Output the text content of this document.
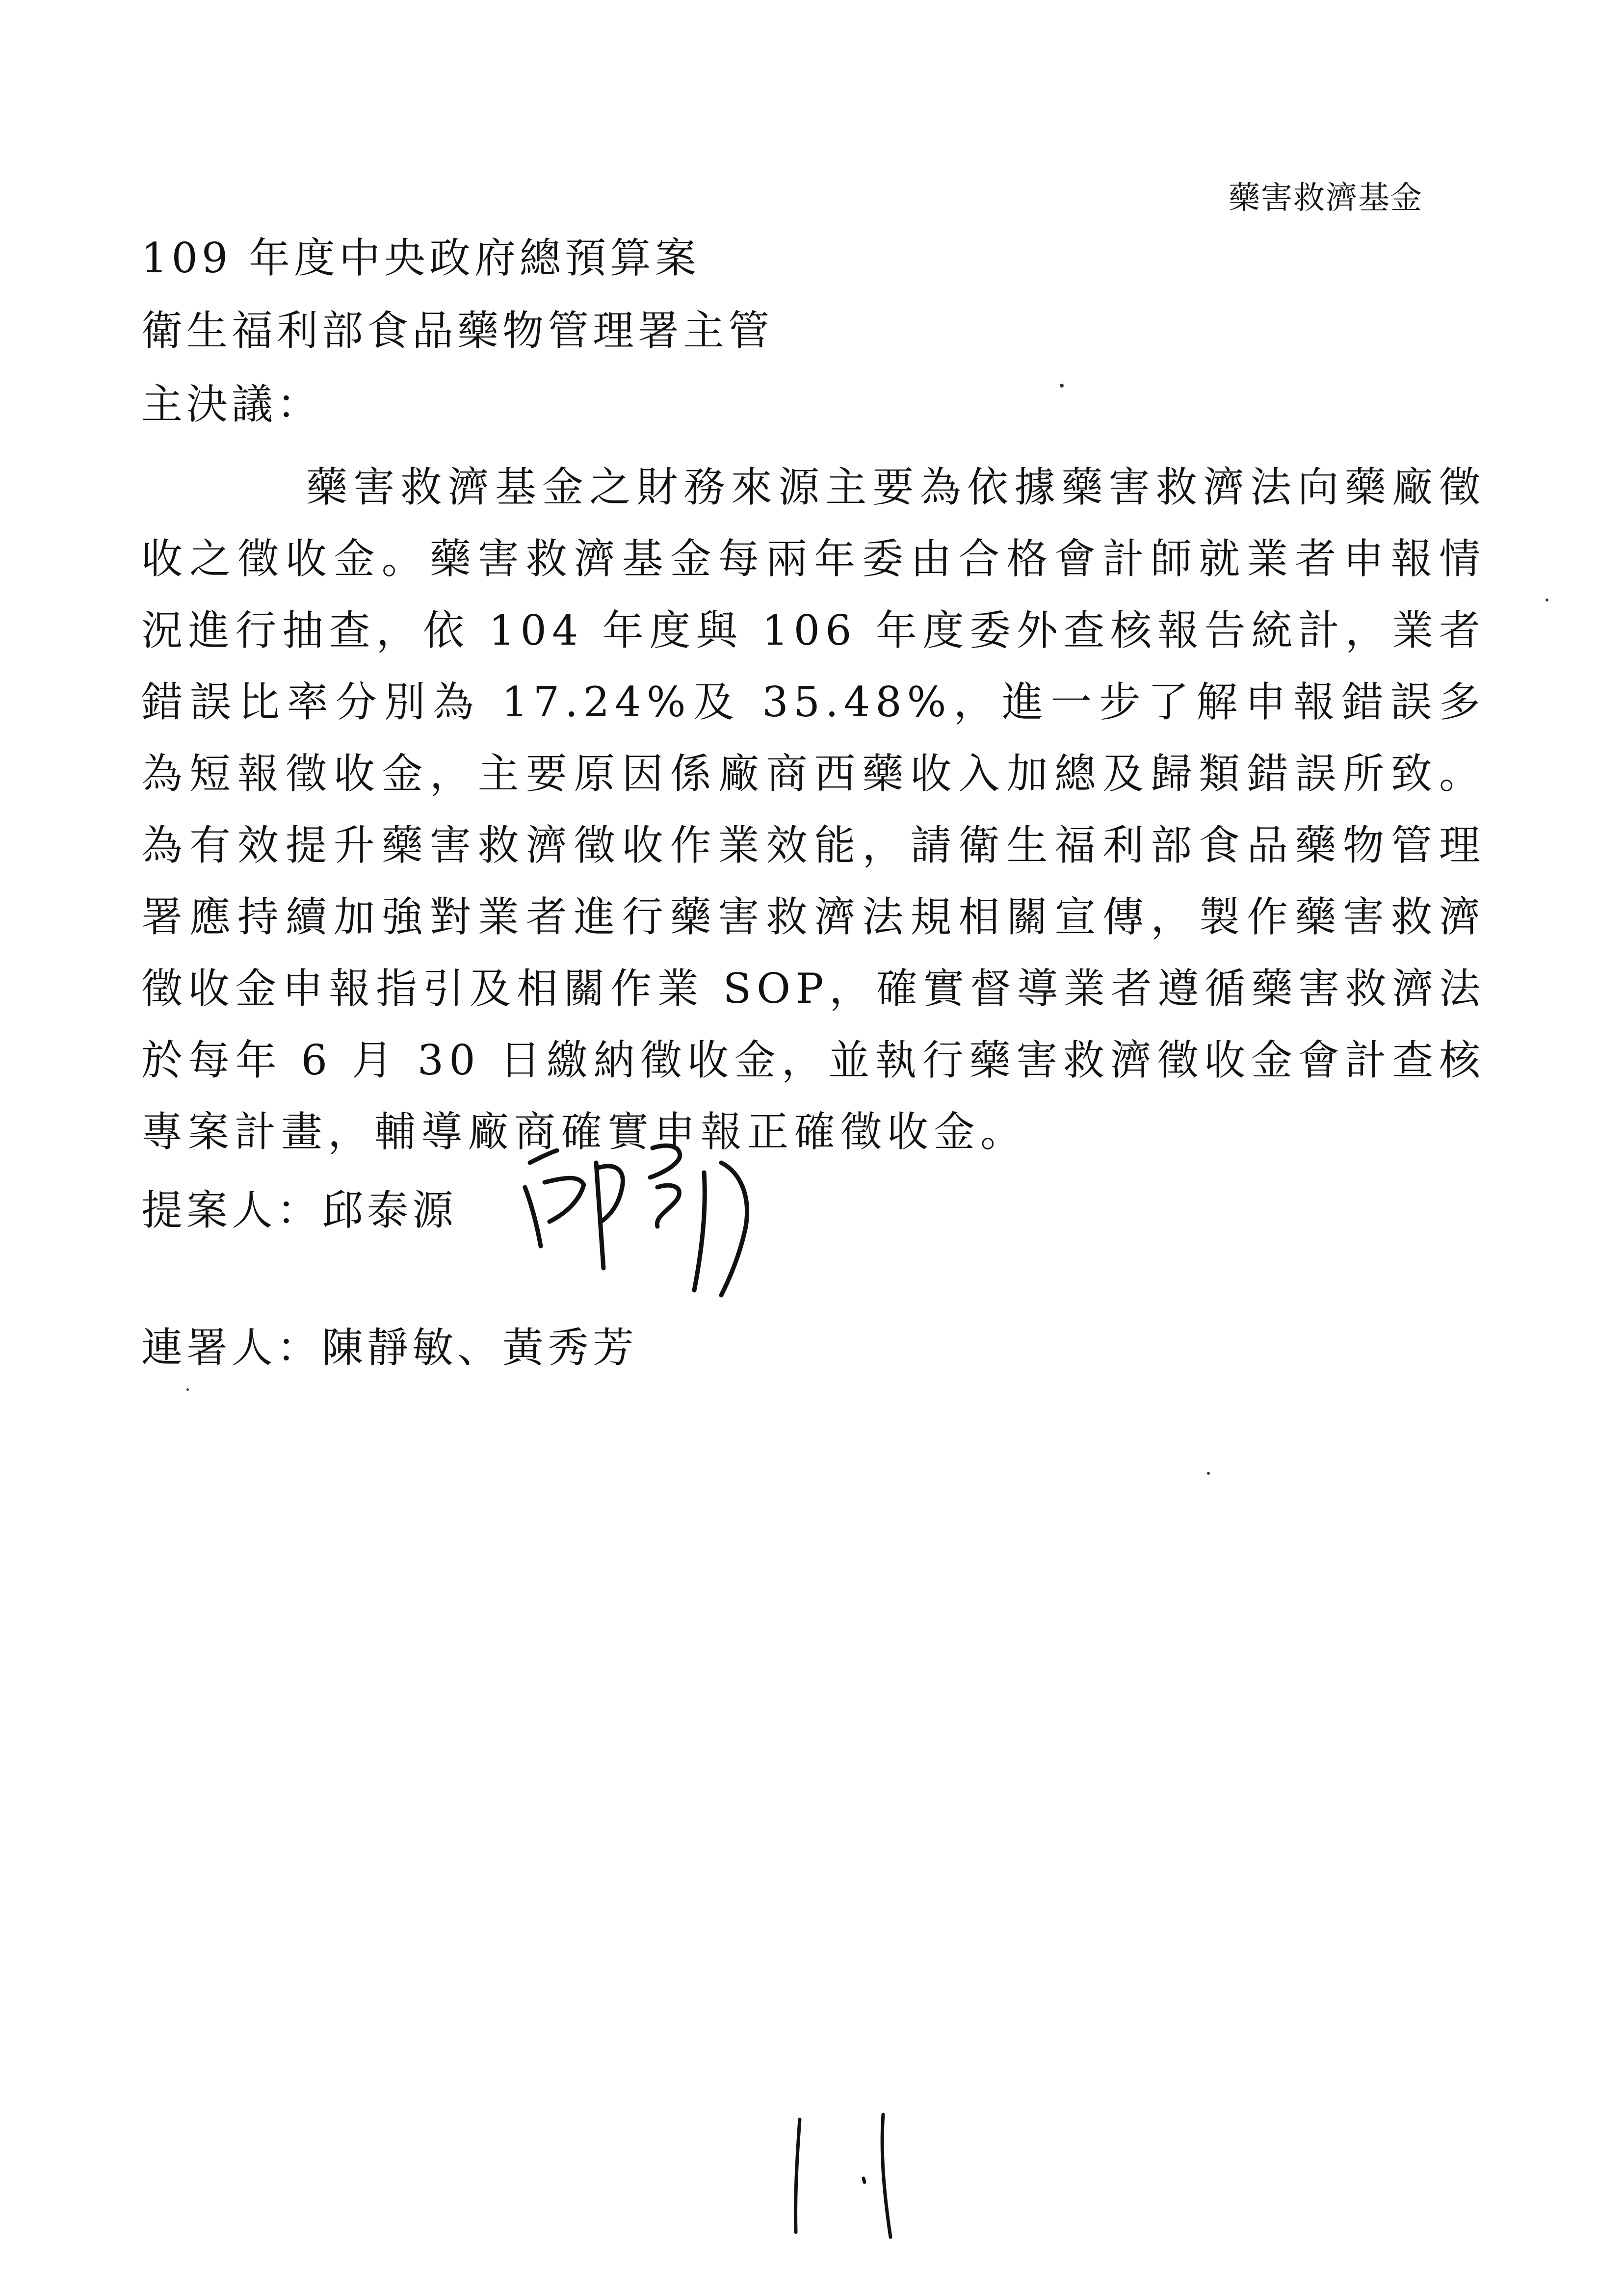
藥害救濟基金
109 年度中央政府總預算案
衛生福利部食品藥物管理署主管
主決議：
藥害救濟基金之財務來源主要為依據藥害救濟法向藥廠徵收之徵收金。藥害救濟基金每兩年委由合格會計師就業者申報情況進行抽查，依 104 年度與 106 年度委外查核報告統計，業者錯誤比率分別為 17.24%及 35.48%，進一步了解申報錯誤多為短報徵收金，主要原因係廠商西藥收入加總及歸類錯誤所致。為有效提升藥害救濟徵收作業效能，請衛生福利部食品藥物管理署應持續加強對業者進行藥害救濟法規相關宣傳，製作藥害救濟徵收金申報指引及相關作業 SOP，確實督導業者遵循藥害救濟法於每年 6 月 30 日繳納徵收金，並執行藥害救濟徵收金會計查核專案計畫，輔導廠商確實申報正確徵收金。
提案人：邱泰源
連署人：陳靜敏、黃秀芳
